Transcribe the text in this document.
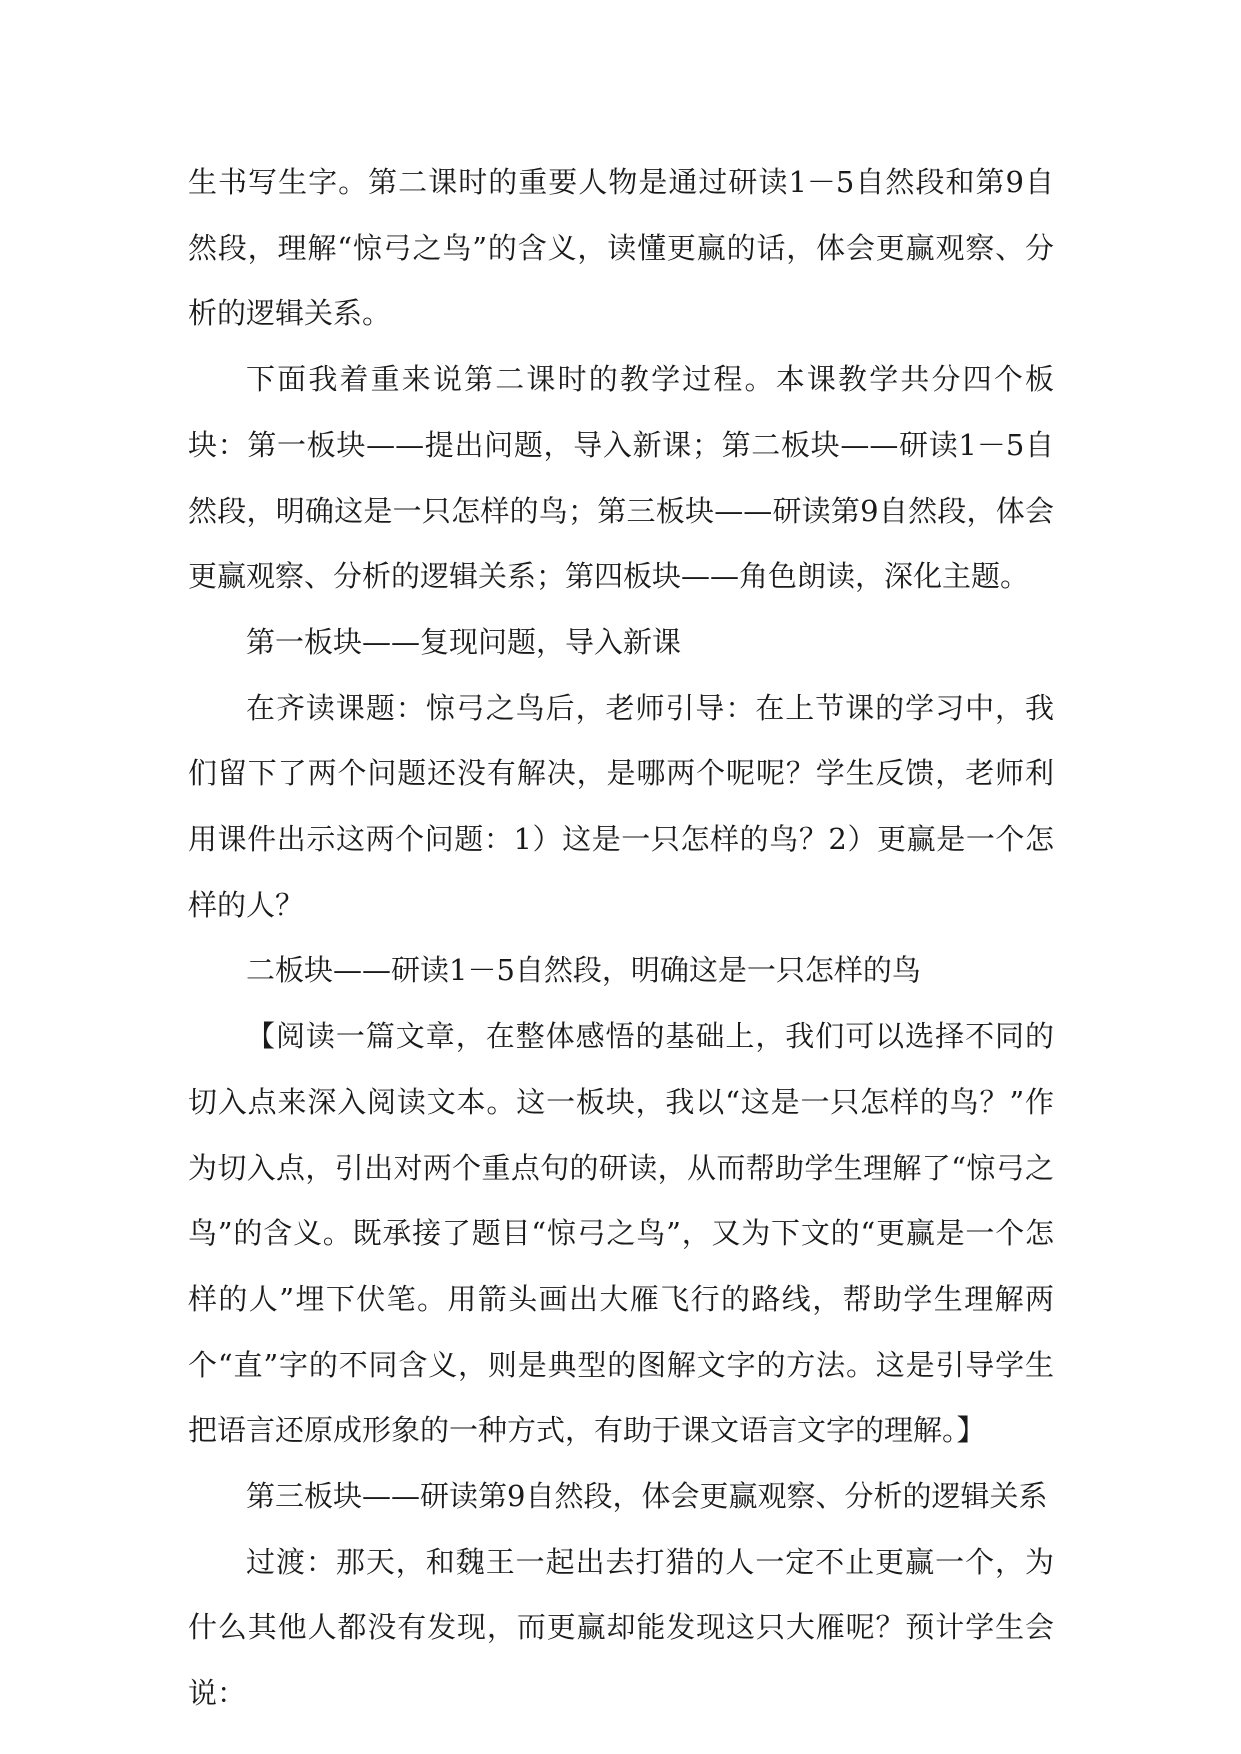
生书写生字。第二课时的重要人物是通过研读1－5自然段和第9自然段，理解“惊弓之鸟”的含义，读懂更赢的话，体会更赢观察、分析的逻辑关系。

下面我着重来说第二课时的教学过程。本课教学共分四个板块：第一板块——提出问题，导入新课；第二板块——研读1－5自然段，明确这是一只怎样的鸟；第三板块——研读第9自然段，体会更赢观察、分析的逻辑关系；第四板块——角色朗读，深化主题。

第一板块——复现问题，导入新课

在齐读课题：惊弓之鸟后，老师引导：在上节课的学习中，我们留下了两个问题还没有解决，是哪两个呢呢？学生反馈，老师利用课件出示这两个问题：1）这是一只怎样的鸟？2）更赢是一个怎样的人？

二板块——研读1－5自然段，明确这是一只怎样的鸟

【阅读一篇文章，在整体感悟的基础上，我们可以选择不同的切入点来深入阅读文本。这一板块，我以“这是一只怎样的鸟？”作为切入点，引出对两个重点句的研读，从而帮助学生理解了“惊弓之鸟”的含义。既承接了题目“惊弓之鸟”，又为下文的“更赢是一个怎样的人”埋下伏笔。用箭头画出大雁飞行的路线，帮助学生理解两个“直”字的不同含义，则是典型的图解文字的方法。这是引导学生把语言还原成形象的一种方式，有助于课文语言文字的理解。】

第三板块——研读第9自然段，体会更赢观察、分析的逻辑关系

过渡：那天，和魏王一起出去打猎的人一定不止更赢一个，为什么其他人都没有发现，而更赢却能发现这只大雁呢？预计学生会说：
